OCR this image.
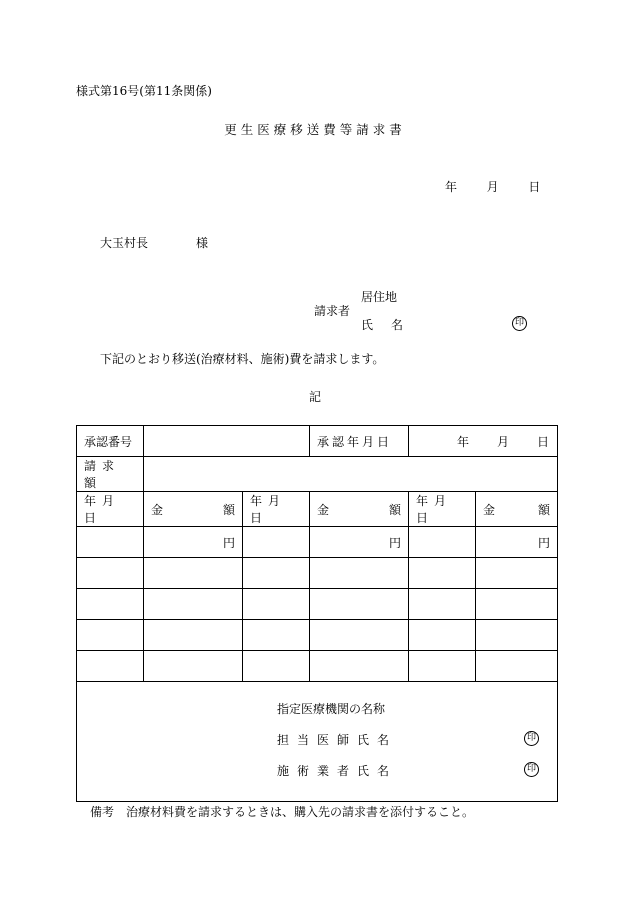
様式第16号(第11条関係)
更生医療移送費等請求書
年 月 日
大玉村長	様
請求者
居住地
氏名	印
下記のとおり移送(治療材料、施術)費を請求します。
記
承認番号			承認年月日	年 月 日	
請求額					
年月日	金 額	年月日	金 額	年月日	金 額

	円		円		円

指定医療機関の名称
担当医師氏名 印
施術業者氏名 印					
備考 治療材料費を請求するときは、購入先の請求書を添付すること。
